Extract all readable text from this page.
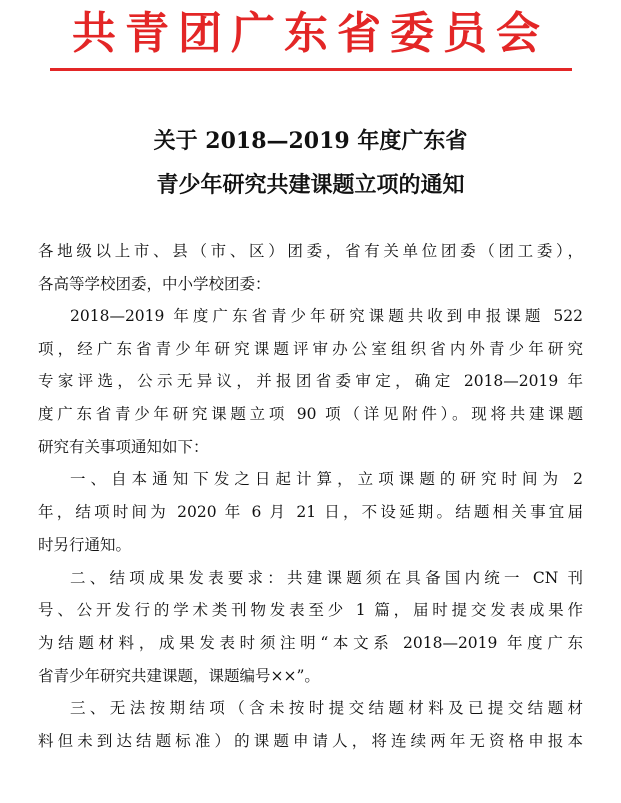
共青团广东省委员会
关于 2018—2019 年度广东省
青少年研究共建课题立项的通知
各地级以上市、县（市、区）团委，省有关单位团委（团工委），
各高等学校团委，中小学校团委：
2018—2019 年度广东省青少年研究课题共收到申报课题 522
项，经广东省青少年研究课题评审办公室组织省内外青少年研究
专家评选，公示无异议，并报团省委审定，确定 2018—2019 年
度广东省青少年研究课题立项 90 项（详见附件）。现将共建课题
研究有关事项通知如下：
一、自本通知下发之日起计算，立项课题的研究时间为 2
年，结项时间为 2020 年 6 月 21 日，不设延期。结题相关事宜届
时另行通知。
二、结项成果发表要求：共建课题须在具备国内统一 CN 刊
号、公开发行的学术类刊物发表至少 1 篇，届时提交发表成果作
为结题材料，成果发表时须注明“本文系 2018—2019 年度广东
省青少年研究共建课题，课题编号××”。
三、无法按期结项（含未按时提交结题材料及已提交结题材
料但未到达结题标准）的课题申请人，将连续两年无资格申报本
